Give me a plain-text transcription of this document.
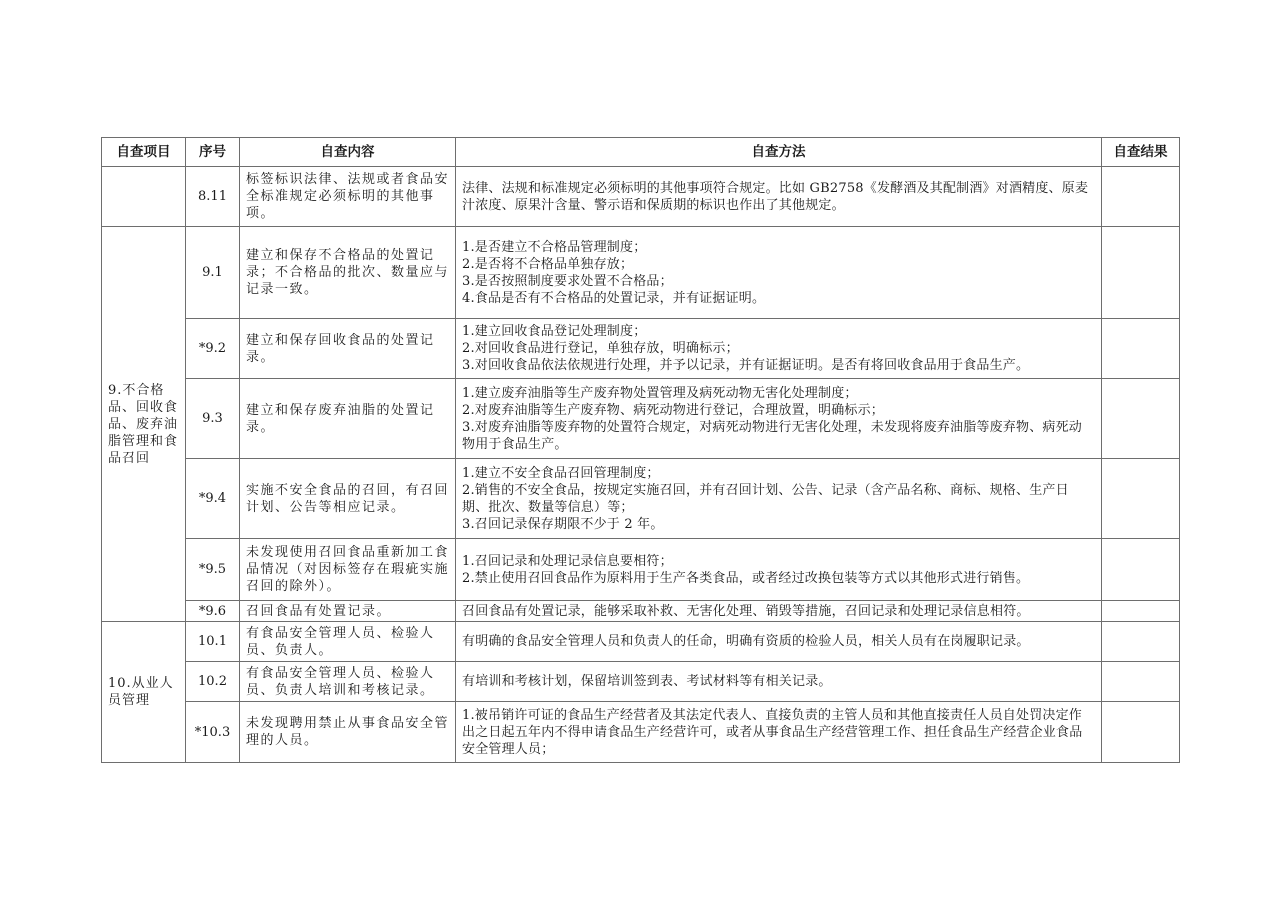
自查项目	序号	自查内容	自查方法	自查结果
	8.11	标签标识法律、法规或者食品安全标准规定必须标明的其他事项。	法律、法规和标准规定必须标明的其他事项符合规定。比如 GB2758《发酵酒及其配制酒》对酒精度、原麦汁浓度、原果汁含量、警示语和保质期的标识也作出了其他规定。	

9.不合格品、回收食品、废弃油脂管理和食品召回	9.1	建立和保存不合格品的处置记录；不合格品的批次、数量应与记录一致。	1.是否建立不合格品管理制度；
2.是否将不合格品单独存放；
3.是否按照制度要求处置不合格品；
4.食品是否有不合格品的处置记录，并有证据证明。	

	*9.2	建立和保存回收食品的处置记录。	1.建立回收食品登记处理制度；
2.对回收食品进行登记，单独存放，明确标示；
3.对回收食品依法依规进行处理，并予以记录，并有证据证明。是否有将回收食品用于食品生产。	

	9.3	建立和保存废弃油脂的处置记录。	1.建立废弃油脂等生产废弃物处置管理及病死动物无害化处理制度；
2.对废弃油脂等生产废弃物、病死动物进行登记，合理放置，明确标示；
3.对废弃油脂等废弃物的处置符合规定，对病死动物进行无害化处理，未发现将废弃油脂等废弃物、病死动物用于食品生产。	

	*9.4	实施不安全食品的召回，有召回计划、公告等相应记录。	1.建立不安全食品召回管理制度；
2.销售的不安全食品，按规定实施召回，并有召回计划、公告、记录（含产品名称、商标、规格、生产日期、批次、数量等信息）等；
3.召回记录保存期限不少于 2 年。	

	*9.5	未发现使用召回食品重新加工食品情况（对因标签存在瑕疵实施召回的除外）。	1.召回记录和处理记录信息要相符；
2.禁止使用召回食品作为原料用于生产各类食品，或者经过改换包装等方式以其他形式进行销售。	

	*9.6	召回食品有处置记录。	召回食品有处置记录，能够采取补救、无害化处理、销毁等措施，召回记录和处理记录信息相符。	

10.从业人员管理	10.1	有食品安全管理人员、检验人员、负责人。	有明确的食品安全管理人员和负责人的任命，明确有资质的检验人员，相关人员有在岗履职记录。	

	10.2	有食品安全管理人员、检验人员、负责人培训和考核记录。	有培训和考核计划，保留培训签到表、考试材料等有相关记录。	

	*10.3	未发现聘用禁止从事食品安全管理的人员。	1.被吊销许可证的食品生产经营者及其法定代表人、直接负责的主管人员和其他直接责任人员自处罚决定作出之日起五年内不得申请食品生产经营许可，或者从事食品生产经营管理工作、担任食品生产经营企业食品安全管理人员；	
